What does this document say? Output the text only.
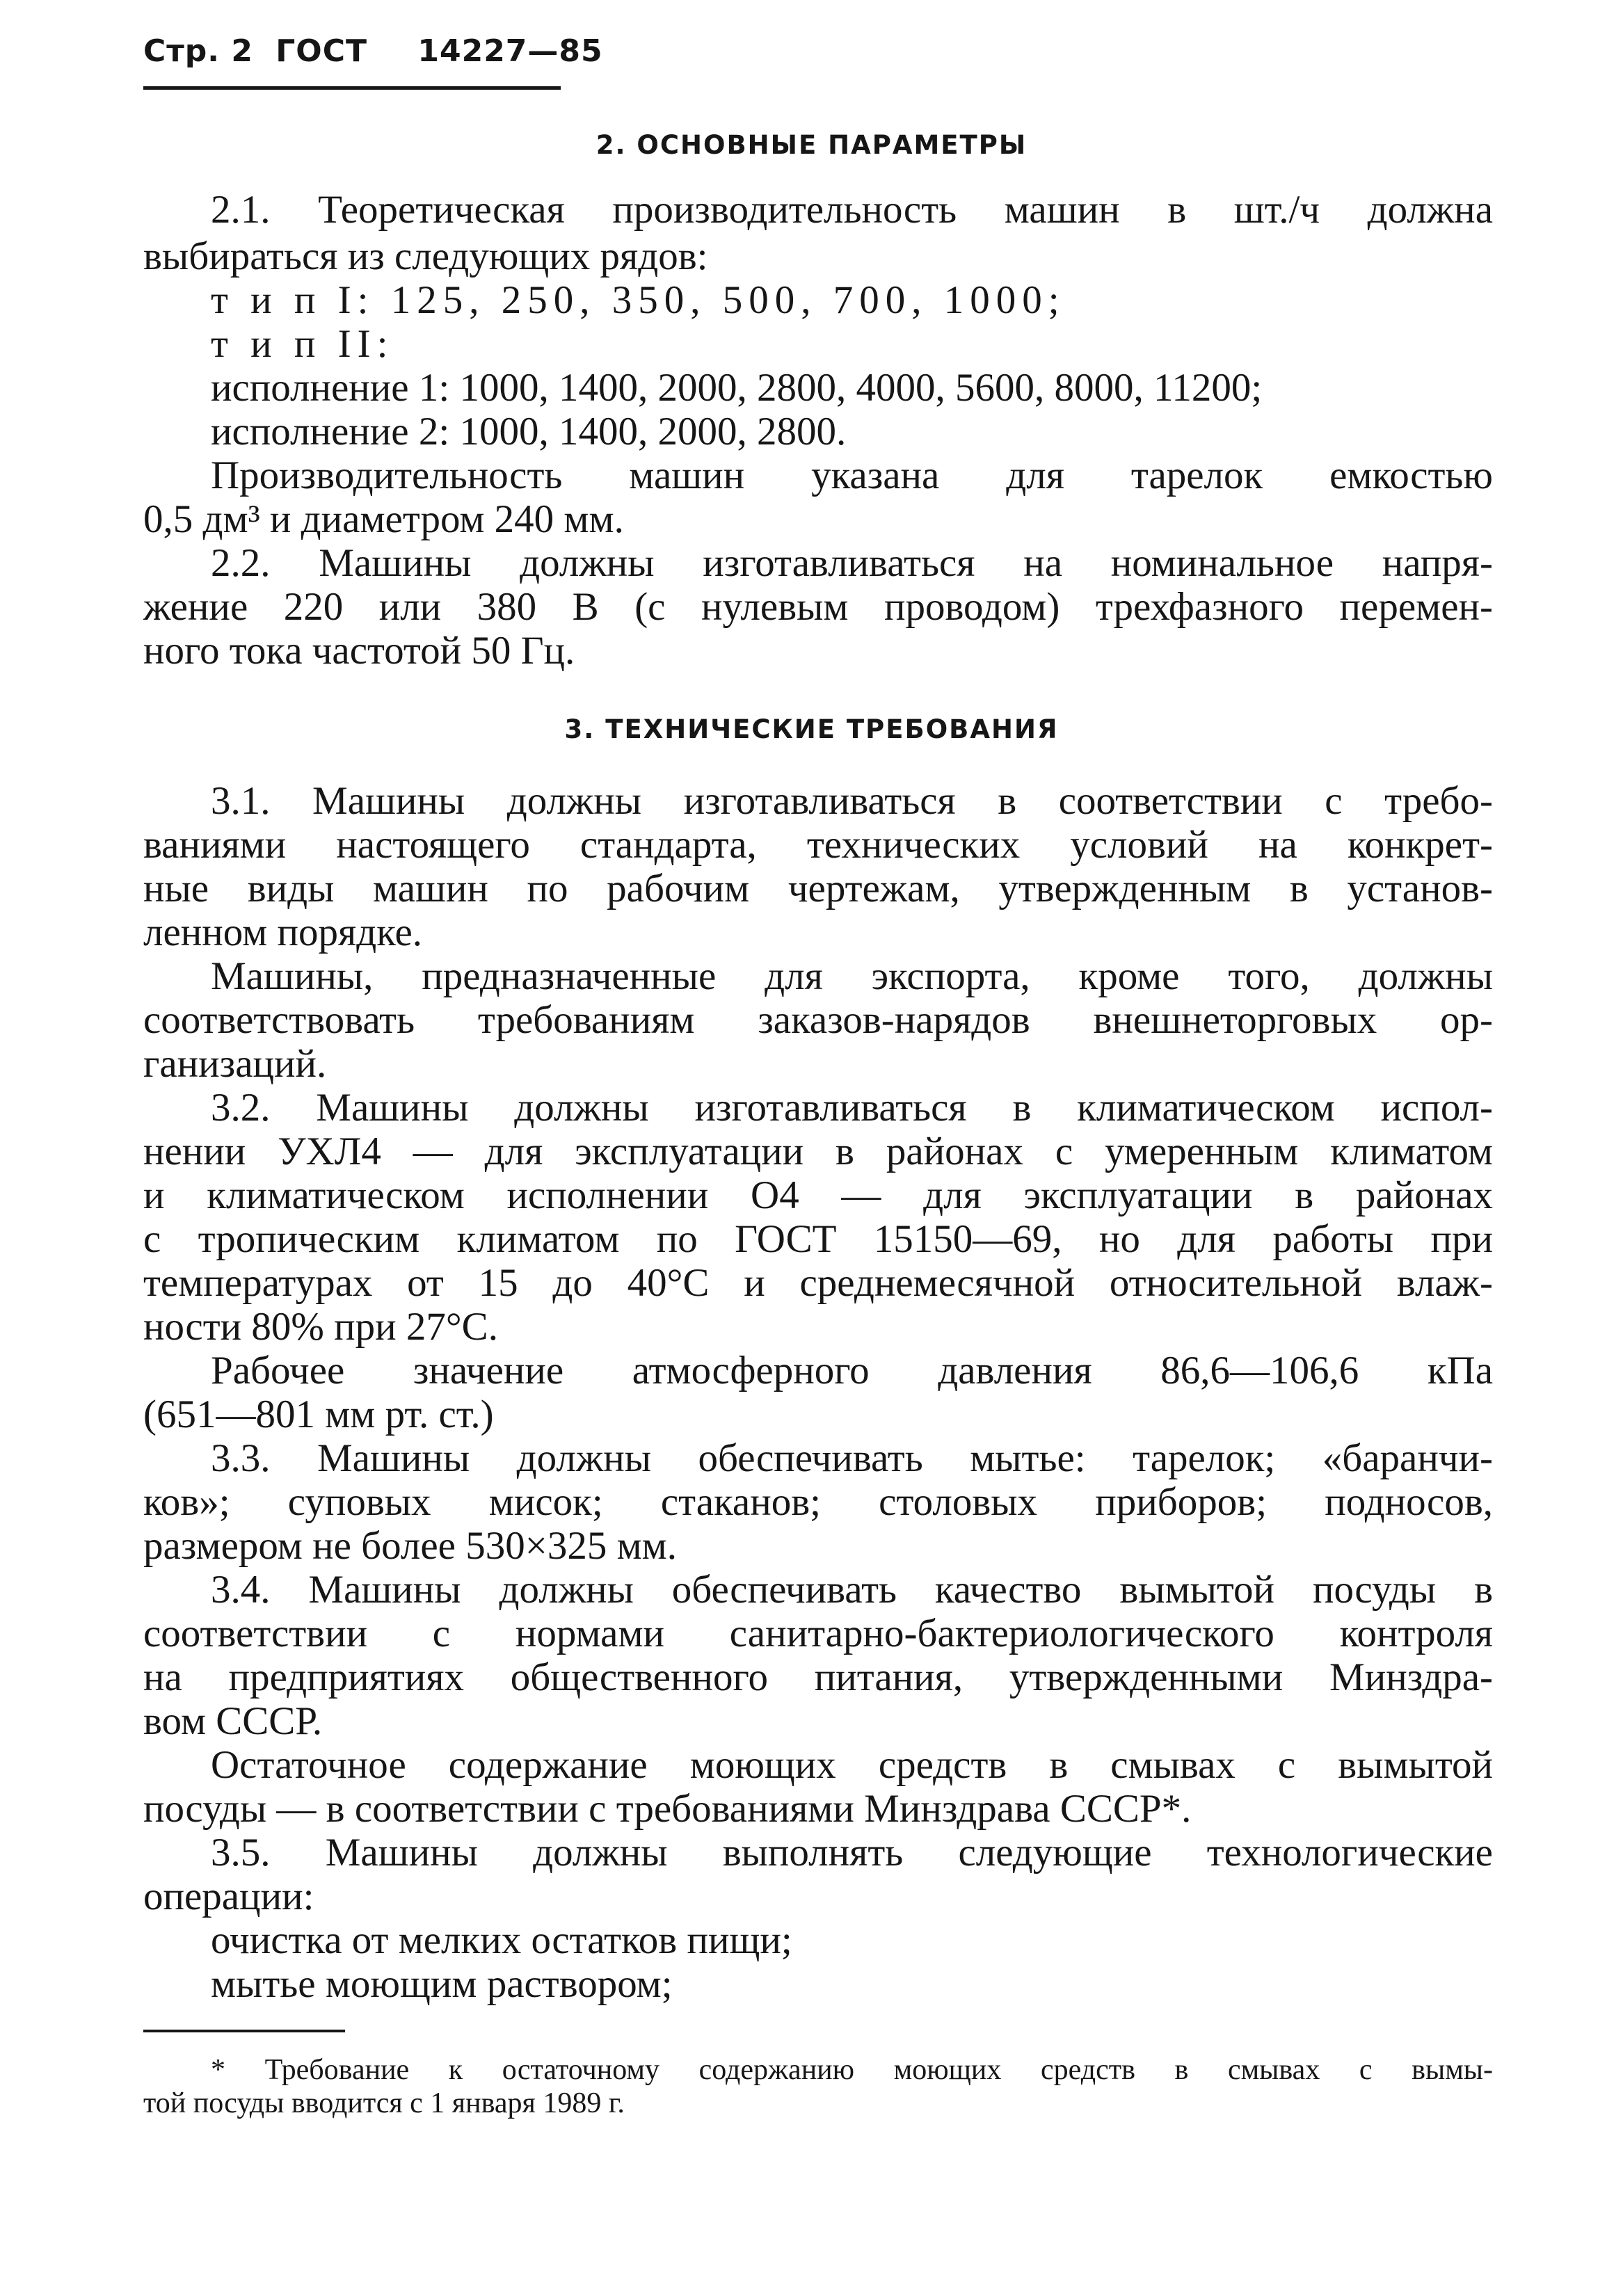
Стр. 2 ГОСТ 14227—85
2. ОСНОВНЫЕ ПАРАМЕТРЫ
2.1. Теоретическая производительность машин в шт./ч должна
выбираться из следующих рядов:
т и п I: 125, 250, 350, 500, 700, 1000;
т и п II:
исполнение 1: 1000, 1400, 2000, 2800, 4000, 5600, 8000, 11200;
исполнение 2: 1000, 1400, 2000, 2800.
Производительность машин указана для тарелок емкостью
0,5 дм³ и диаметром 240 мм.
2.2. Машины должны изготавливаться на номинальное напря-
жение 220 или 380 В (с нулевым проводом) трехфазного перемен-
ного тока частотой 50 Гц.
3. ТЕХНИЧЕСКИЕ ТРЕБОВАНИЯ
3.1. Машины должны изготавливаться в соответствии с требо-
ваниями настоящего стандарта, технических условий на конкрет-
ные виды машин по рабочим чертежам, утвержденным в установ-
ленном порядке.
Машины, предназначенные для экспорта, кроме того, должны
соответствовать требованиям заказов-нарядов внешнеторговых ор-
ганизаций.
3.2. Машины должны изготавливаться в климатическом испол-
нении УХЛ4 — для эксплуатации в районах с умеренным климатом
и климатическом исполнении О4 — для эксплуатации в районах
с тропическим климатом по ГОСТ 15150—69, но для работы при
температурах от 15 до 40°С и среднемесячной относительной влаж-
ности 80% при 27°С.
Рабочее значение атмосферного давления 86,6—106,6 кПа
(651—801 мм рт. ст.)
3.3. Машины должны обеспечивать мытье: тарелок; «баранчи-
ков»; суповых мисок; стаканов; столовых приборов; подносов,
размером не более 530×325 мм.
3.4. Машины должны обеспечивать качество вымытой посуды в
соответствии с нормами санитарно-бактериологического контроля
на предприятиях общественного питания, утвержденными Минздра-
вом СССР.
Остаточное содержание моющих средств в смывах с вымытой
посуды — в соответствии с требованиями Минздрава СССР*.
3.5. Машины должны выполнять следующие технологические
операции:
очистка от мелких остатков пищи;
мытье моющим раствором;
* Требование к остаточному содержанию моющих средств в смывах с вымы-
той посуды вводится с 1 января 1989 г.
